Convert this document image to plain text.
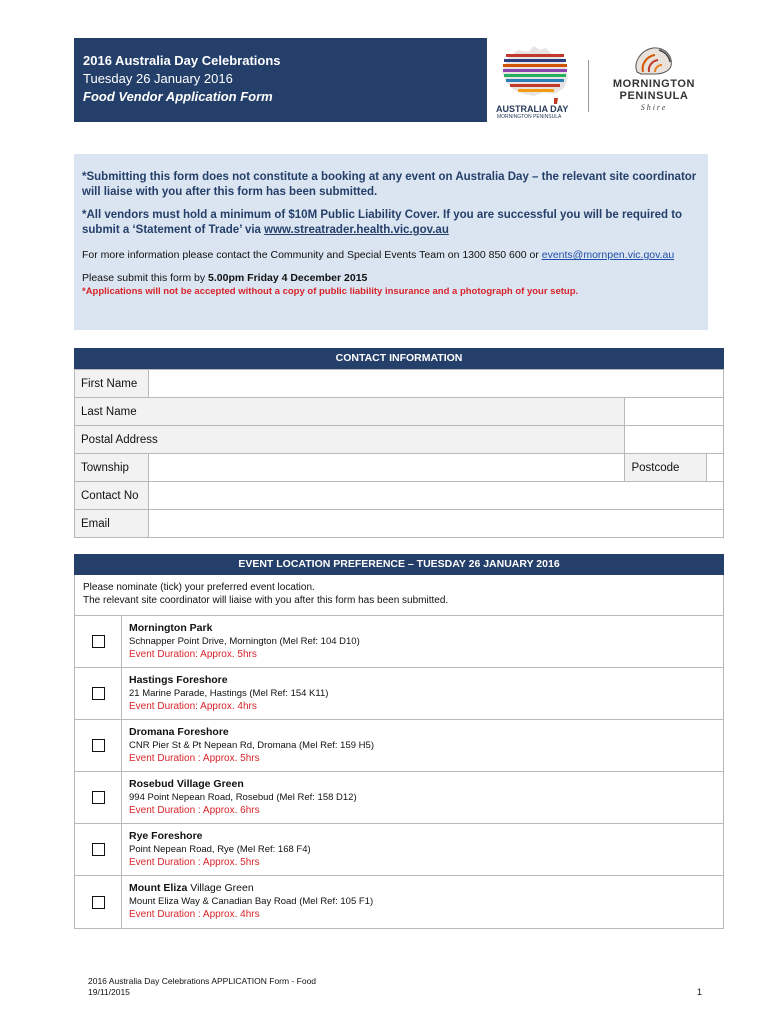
2016 Australia Day Celebrations
Tuesday 26 January 2016
Food Vendor Application Form
AUSTRALIA DAY
MORNINGTON PENINSULA
MORNINGTON
PENINSULA
Shire
*Submitting this form does not constitute a booking at any event on Australia Day – the relevant site coordinator will liaise with you after this form has been submitted.
*All vendors must hold a minimum of $10M Public Liability Cover. If you are successful you will be required to submit a ‘Statement of Trade’ via www.streatrader.health.vic.gov.au
For more information please contact the Community and Special Events Team on 1300 850 600 or events@mornpen.vic.gov.au
Please submit this form by 5.00pm Friday 4 December 2015
*Applications will not be accepted without a copy of public liability insurance and a photograph of your setup.
CONTACT INFORMATION
First Name			
Last Name			
Postal Address			
Township		Postcode	
Contact No			
Email			
EVENT LOCATION PREFERENCE – TUESDAY 26 JANUARY 2016
Please nominate (tick) your preferred event location.
The relevant site coordinator will liaise with you after this form has been submitted.
Mornington Park
Schnapper Point Drive, Mornington (Mel Ref: 104 D10)
Event Duration: Approx. 5hrs
Hastings Foreshore
21 Marine Parade, Hastings (Mel Ref: 154 K11)
Event Duration: Approx. 4hrs
Dromana Foreshore
CNR Pier St & Pt Nepean Rd, Dromana (Mel Ref: 159 H5)
Event Duration : Approx. 5hrs
Rosebud Village Green
994 Point Nepean Road, Rosebud (Mel Ref: 158 D12)
Event Duration : Approx. 6hrs
Rye Foreshore
Point Nepean Road, Rye (Mel Ref: 168 F4)
Event Duration : Approx. 5hrs
Mount Eliza Village Green
Mount Eliza Way & Canadian Bay Road (Mel Ref: 105 F1)
Event Duration : Approx. 4hrs
2016 Australia Day Celebrations APPLICATION Form - Food
19/11/2015	1
